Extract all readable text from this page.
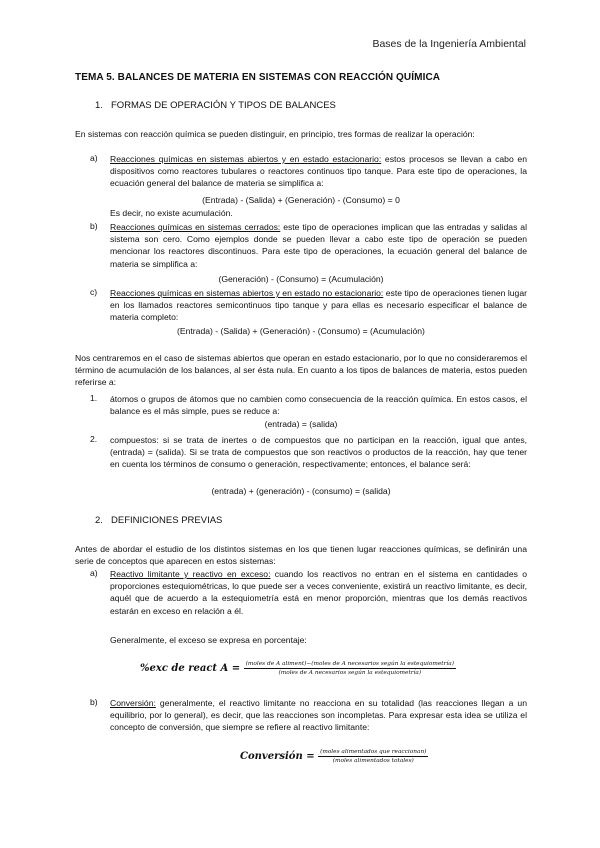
Bases de la Ingeniería Ambiental
TEMA 5. BALANCES DE MATERIA EN SISTEMAS CON REACCIÓN QUÍMICA
1. FORMAS DE OPERACIÓN Y TIPOS DE BALANCES
En sistemas con reacción química se pueden distinguir, en principio, tres formas de realizar la operación:
a) Reacciones químicas en sistemas abiertos y en estado estacionario: estos procesos se llevan a cabo en dispositivos como reactores tubulares o reactores continuos tipo tanque. Para este tipo de operaciones, la ecuación general del balance de materia se simplifica a:
(Entrada) - (Salida) + (Generación) - (Consumo) = 0
Es decir, no existe acumulación.
b) Reacciones químicas en sistemas cerrados: este tipo de operaciones implican que las entradas y salidas al sistema son cero. Como ejemplos donde se pueden llevar a cabo este tipo de operación se pueden mencionar los reactores discontinuos. Para este tipo de operaciones, la ecuación general del balance de materia se simplifica a:
(Generación) - (Consumo) = (Acumulación)
c) Reacciones químicas en sistemas abiertos y en estado no estacionario: este tipo de operaciones tienen lugar en los llamados reactores semicontinuos tipo tanque y para ellas es necesario especificar el balance de materia completo:
(Entrada) - (Salida) + (Generación) - (Consumo) = (Acumulación)
Nos centraremos en el caso de sistemas abiertos que operan en estado estacionario, por lo que no consideraremos el término de acumulación de los balances, al ser ésta nula. En cuanto a los tipos de balances de materia, estos pueden referirse a:
1. átomos o grupos de átomos que no cambien como consecuencia de la reacción química. En estos casos, el balance es el más simple, pues se reduce a:
(entrada) = (salida)
2. compuestos: si se trata de inertes o de compuestos que no participan en la reacción, igual que antes, (entrada) = (salida). Si se trata de compuestos que son reactivos o productos de la reacción, hay que tener en cuenta los términos de consumo o generación, respectivamente; entonces, el balance será:
(entrada) + (generación) - (consumo) = (salida)
2. DEFINICIONES PREVIAS
Antes de abordar el estudio de los distintos sistemas en los que tienen lugar reacciones químicas, se definirán una serie de conceptos que aparecen en estos sistemas:
a) Reactivo limitante y reactivo en exceso: cuando los reactivos no entran en el sistema en cantidades o proporciones estequiométricas, lo que puede ser a veces conveniente, existirá un reactivo limitante, es decir, aquél que de acuerdo a la estequiometría está en menor proporción, mientras que los demás reactivos estarán en exceso en relación a él.
Generalmente, el exceso se expresa en porcentaje:
%exc de react A = (moles de A aliment)−(moles de A necesarios según la estequiometría)
(moles de A necesarios según la estequiometría)
b) Conversión: generalmente, el reactivo limitante no reacciona en su totalidad (las reacciones llegan a un equilibrio, por lo general), es decir, que las reacciones son incompletas. Para expresar esta idea se utiliza el concepto de conversión, que siempre se refiere al reactivo limitante:
Conversión = $\frac{\text{(moles alimentados que reaccionan)}}{\text{(moles alimentados totales)}}$
